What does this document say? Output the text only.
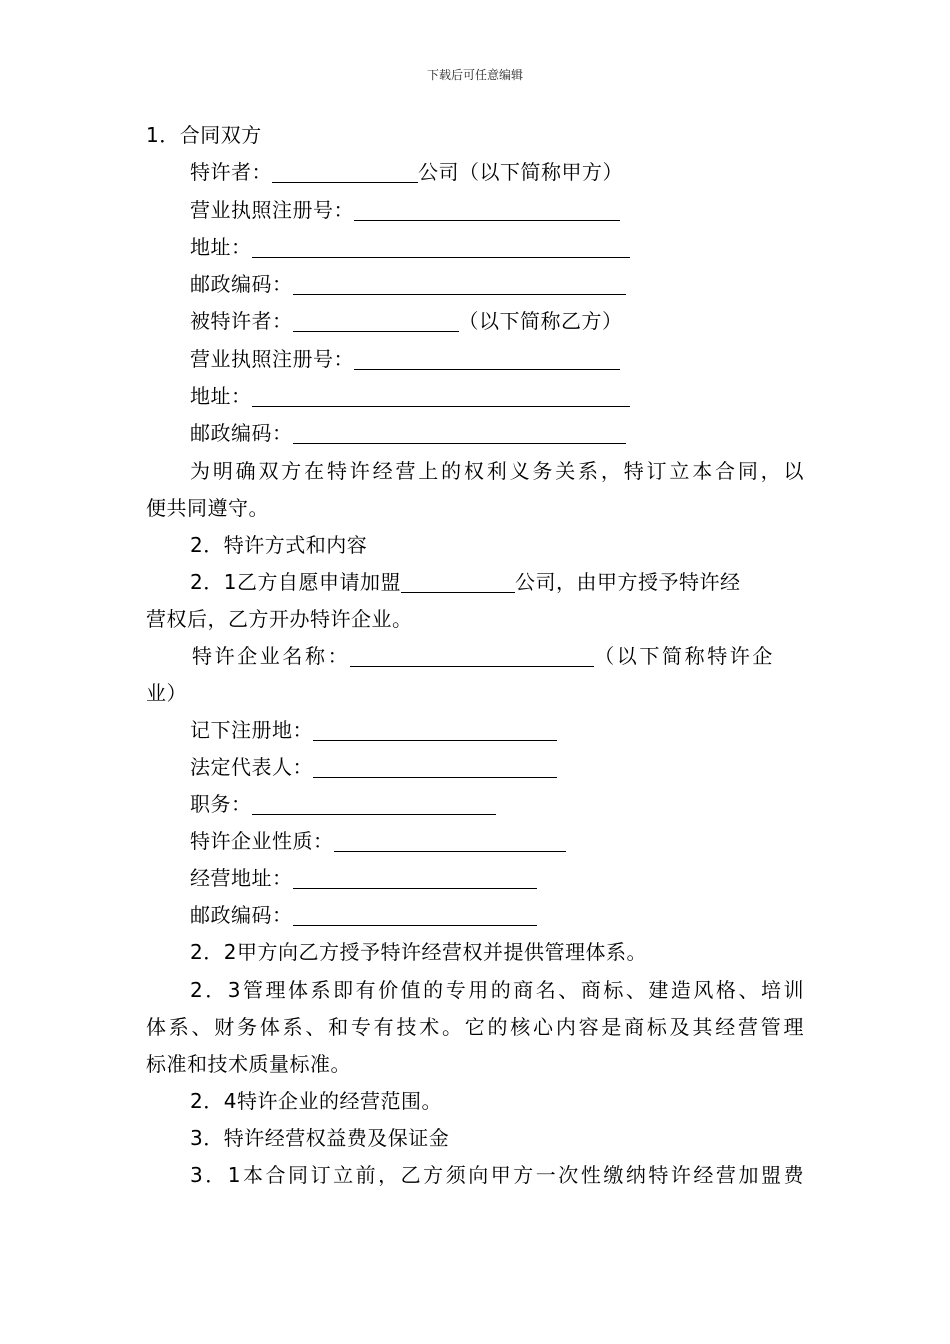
下载后可任意编辑
1．合同双方
特许者：	公司（以下简称甲方）
营业执照注册号：
地址：
邮政编码：
被特许者：	（以下简称乙方）
营业执照注册号：
地址：
邮政编码：
为明确双方在特许经营上的权利义务关系，特订立本合同，以
便共同遵守。
2．特许方式和内容
2．1乙方自愿申请加盟	公司，由甲方授予特许经
营权后，乙方开办特许企业。
特许企业名称：	（以下简称特许企
业）
记下注册地：
法定代表人：
职务：
特许企业性质：
经营地址：
邮政编码：
2．2甲方向乙方授予特许经营权并提供管理体系。
2．3管理体系即有价值的专用的商名、商标、建造风格、培训
体系、财务体系、和专有技术。它的核心内容是商标及其经营管理
标准和技术质量标准。
2．4特许企业的经营范围。
3．特许经营权益费及保证金
3．1本合同订立前，乙方须向甲方一次性缴纳特许经营加盟费
